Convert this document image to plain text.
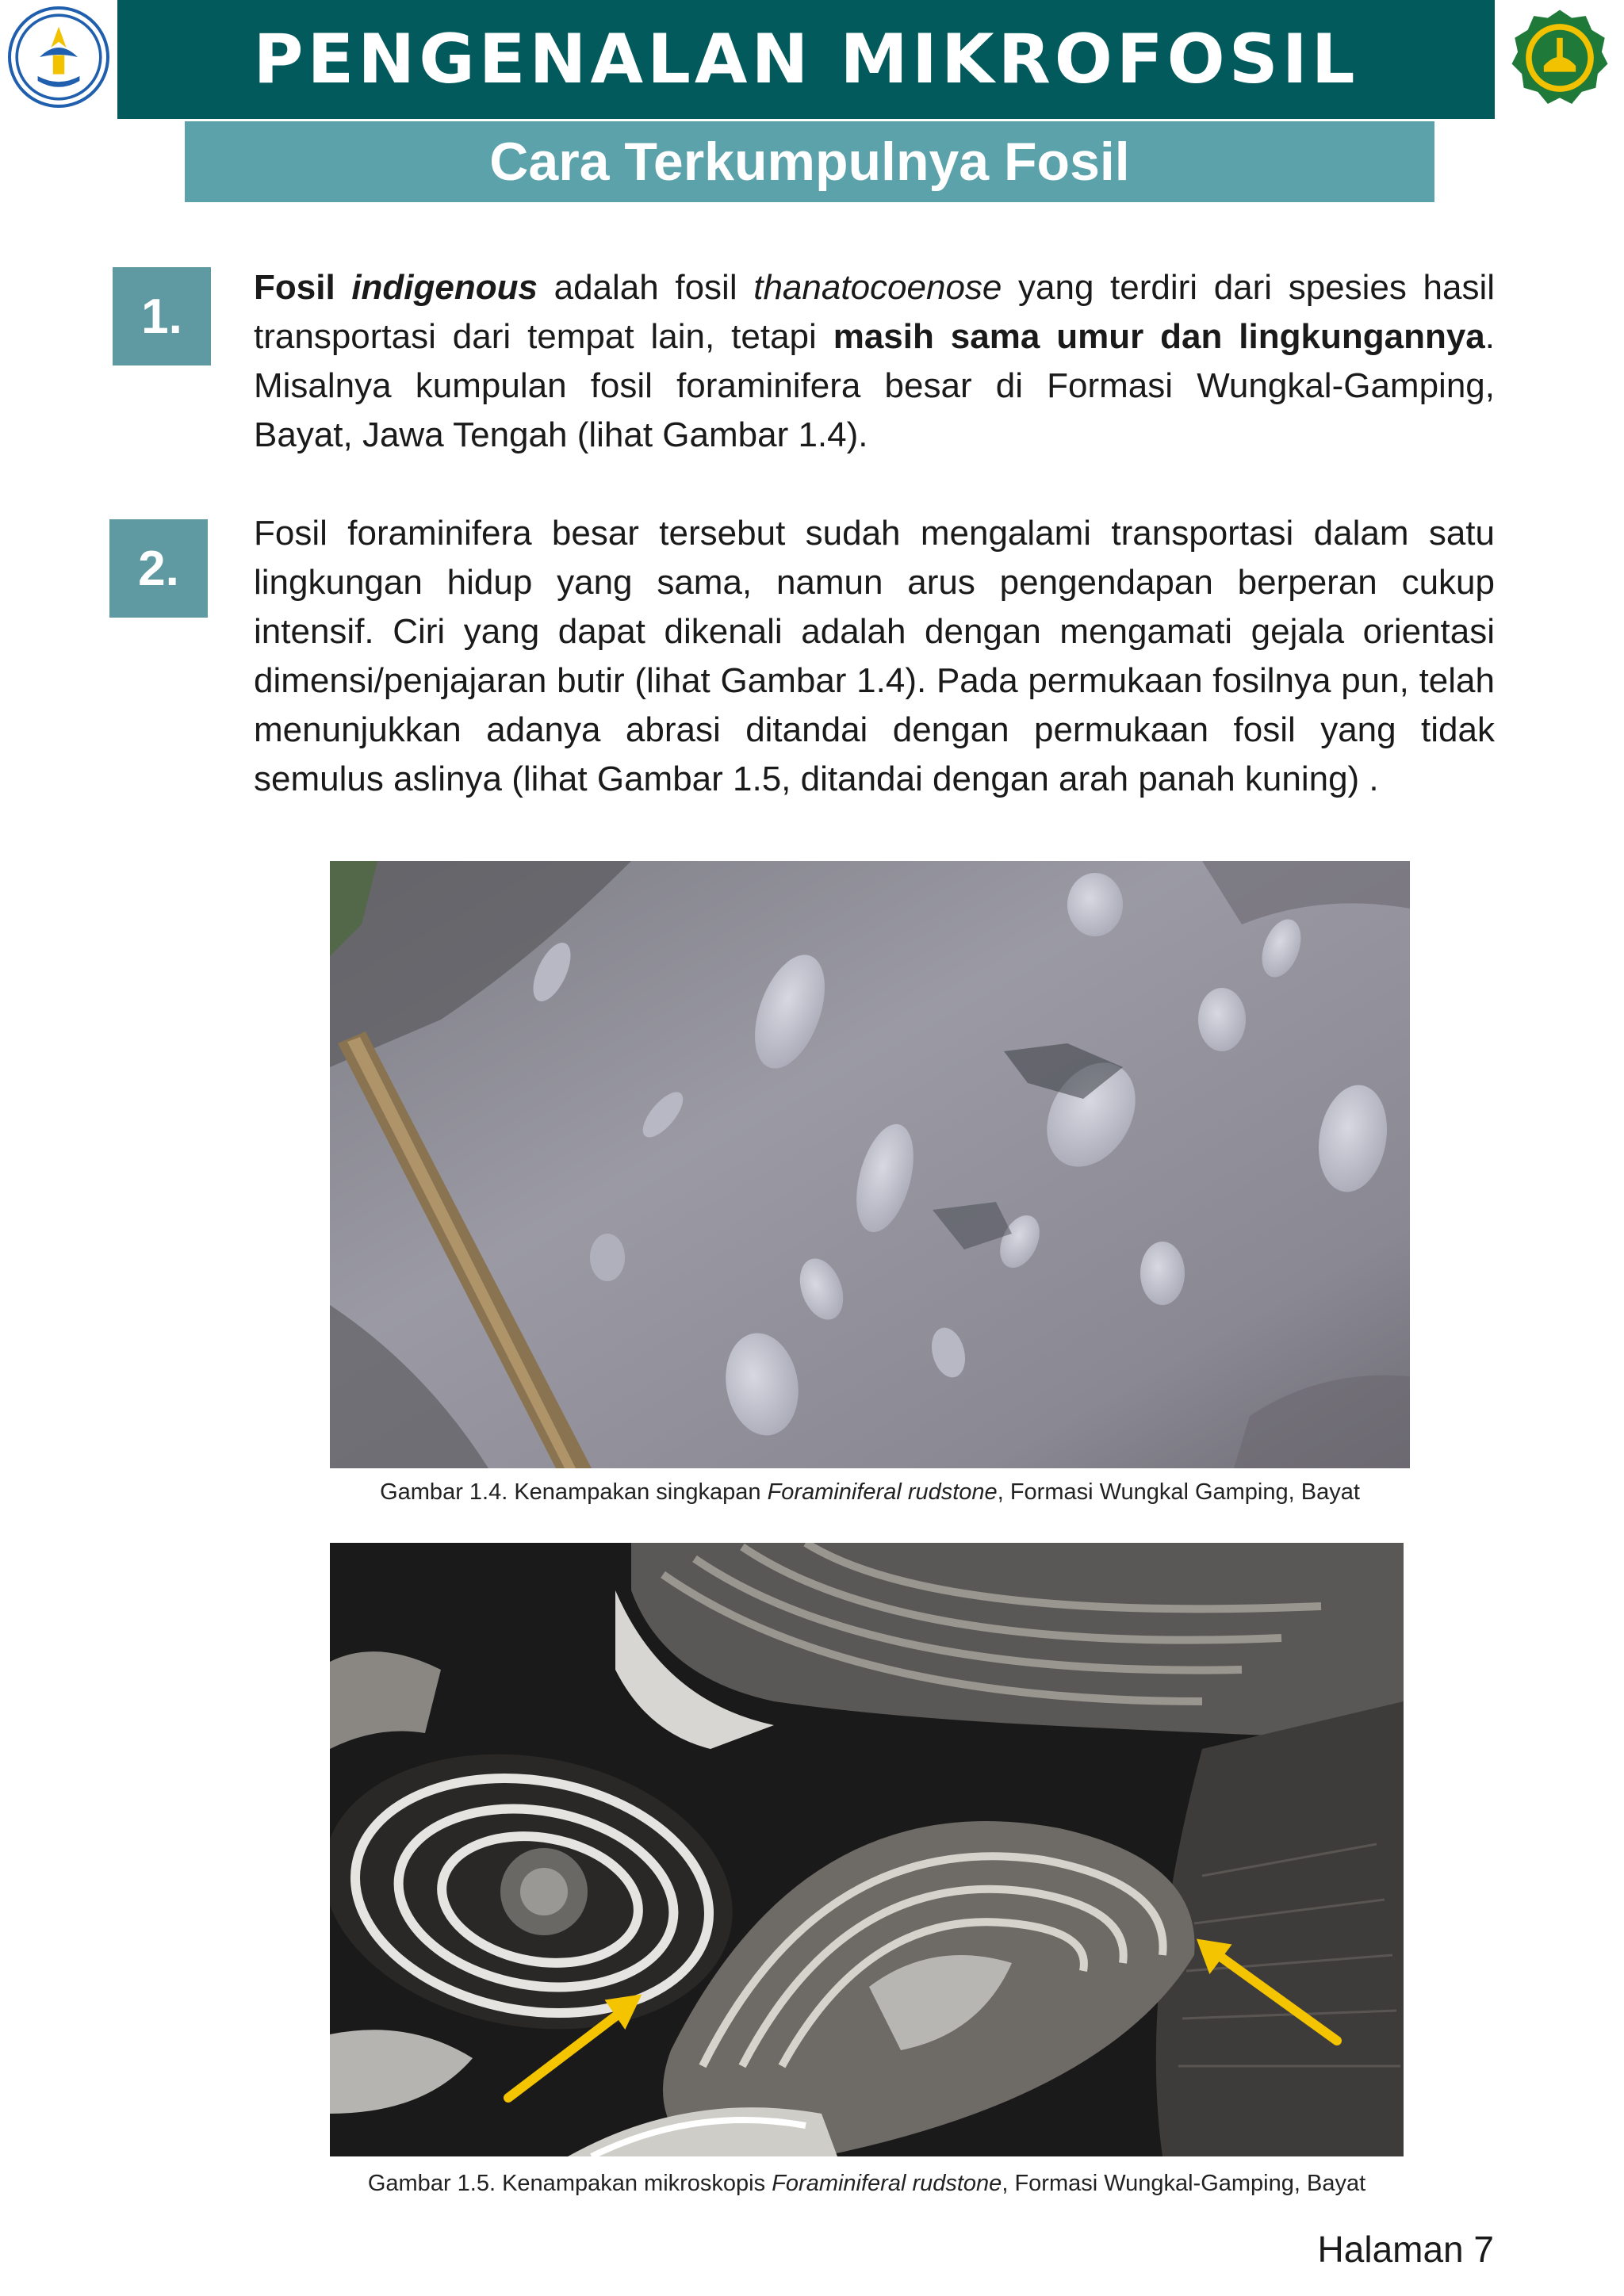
PENGENALAN MIKROFOSIL
Cara Terkumpulnya Fosil
1.
Fosil indigenous adalah fosil thanatocoenose yang terdiri dari spesies hasil transportasi dari tempat lain, tetapi masih sama umur dan lingkungannya. Misalnya kumpulan fosil foraminifera besar di Formasi Wungkal-Gamping, Bayat, Jawa Tengah (lihat Gambar 1.4).
2.
Fosil foraminifera besar tersebut sudah mengalami transportasi dalam satu lingkungan hidup yang sama, namun arus pengendapan berperan cukup intensif. Ciri yang dapat dikenali adalah dengan mengamati gejala orientasi dimensi/penjajaran butir (lihat Gambar 1.4). Pada permukaan fosilnya pun, telah menunjukkan adanya abrasi ditandai dengan permukaan fosil yang tidak semulus aslinya (lihat Gambar 1.5, ditandai dengan arah panah kuning) .
Gambar 1.4. Kenampakan singkapan Foraminiferal rudstone, Formasi Wungkal Gamping, Bayat
Gambar 1.5. Kenampakan mikroskopis Foraminiferal rudstone, Formasi Wungkal-Gamping, Bayat
Halaman 7
